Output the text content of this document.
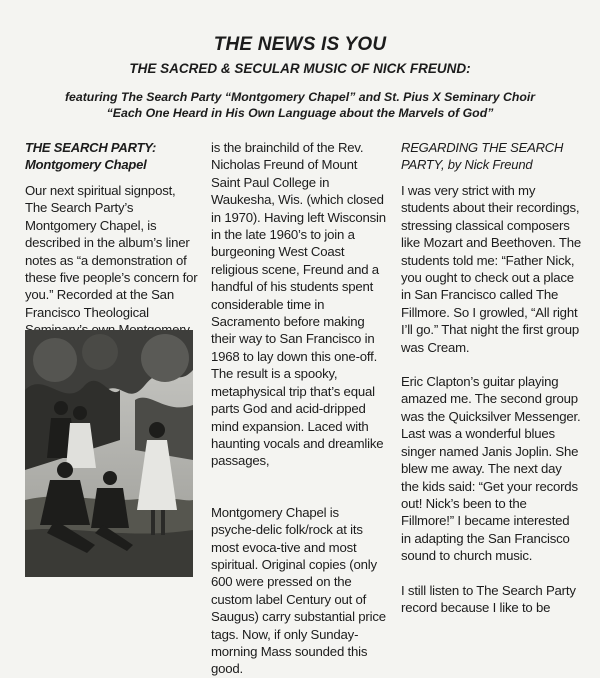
THE NEWS IS YOU
THE SACRED & SECULAR MUSIC OF NICK FREUND:
featuring The Search Party “Montgomery Chapel” and St. Pius X Seminary Choir
“Each One Heard in His Own Language about the Marvels of God”
THE SEARCH PARTY:
Montgomery Chapel

Our next spiritual signpost, The Search Party’s Montgomery Chapel, is described in the album’s liner notes as “a demonstration of these five people’s concern for you.” Recorded at the San Francisco Theological

is the brainchild of the Rev. Nicholas Freund of Mount Saint Paul College in Waukesha, Wis. (which closed in 1970). Having left Wisconsin in the late 1960’s to join a burgeoning West Coast religious scene, Freund and a handful of his students spent considerable time in Sacramento before making their way to San Francisco in 1968 to lay down this one-off. The result is a spooky, metaphysical trip that’s equal parts God and acid-dripped mind expansion. Laced with haunting vocals and dreamlike passages,

Montgomery Chapel is psyche-delic folk/rock at its most evoca-tive and most spiritual. Original copies (only 600 were pressed on the custom label Century out of Saugus) carry substantial price tags. Now, if only Sunday-morning Mass sounded this good.

REGARDING THE SEARCH
PARTY, by Nick Freund

I was very strict with my students about their recordings, stressing classical composers like Mozart and Beethoven. The students told me: “Father Nick, you ought to check out a place in San Francisco called The Fillmore. So I growled, “All right I’ll go.” That night the first group was Cream.

Eric Clapton’s guitar playing amazed me. The second group was the Quicksilver Messenger. Last was a wonderful blues singer named Janis Joplin. She blew me away. The next day the kids said: “Get your records out! Nick’s been to the Fillmore!” I became interested in adapting the San Francisco sound to church music.

I still listen to The Search Party record because I like to be
